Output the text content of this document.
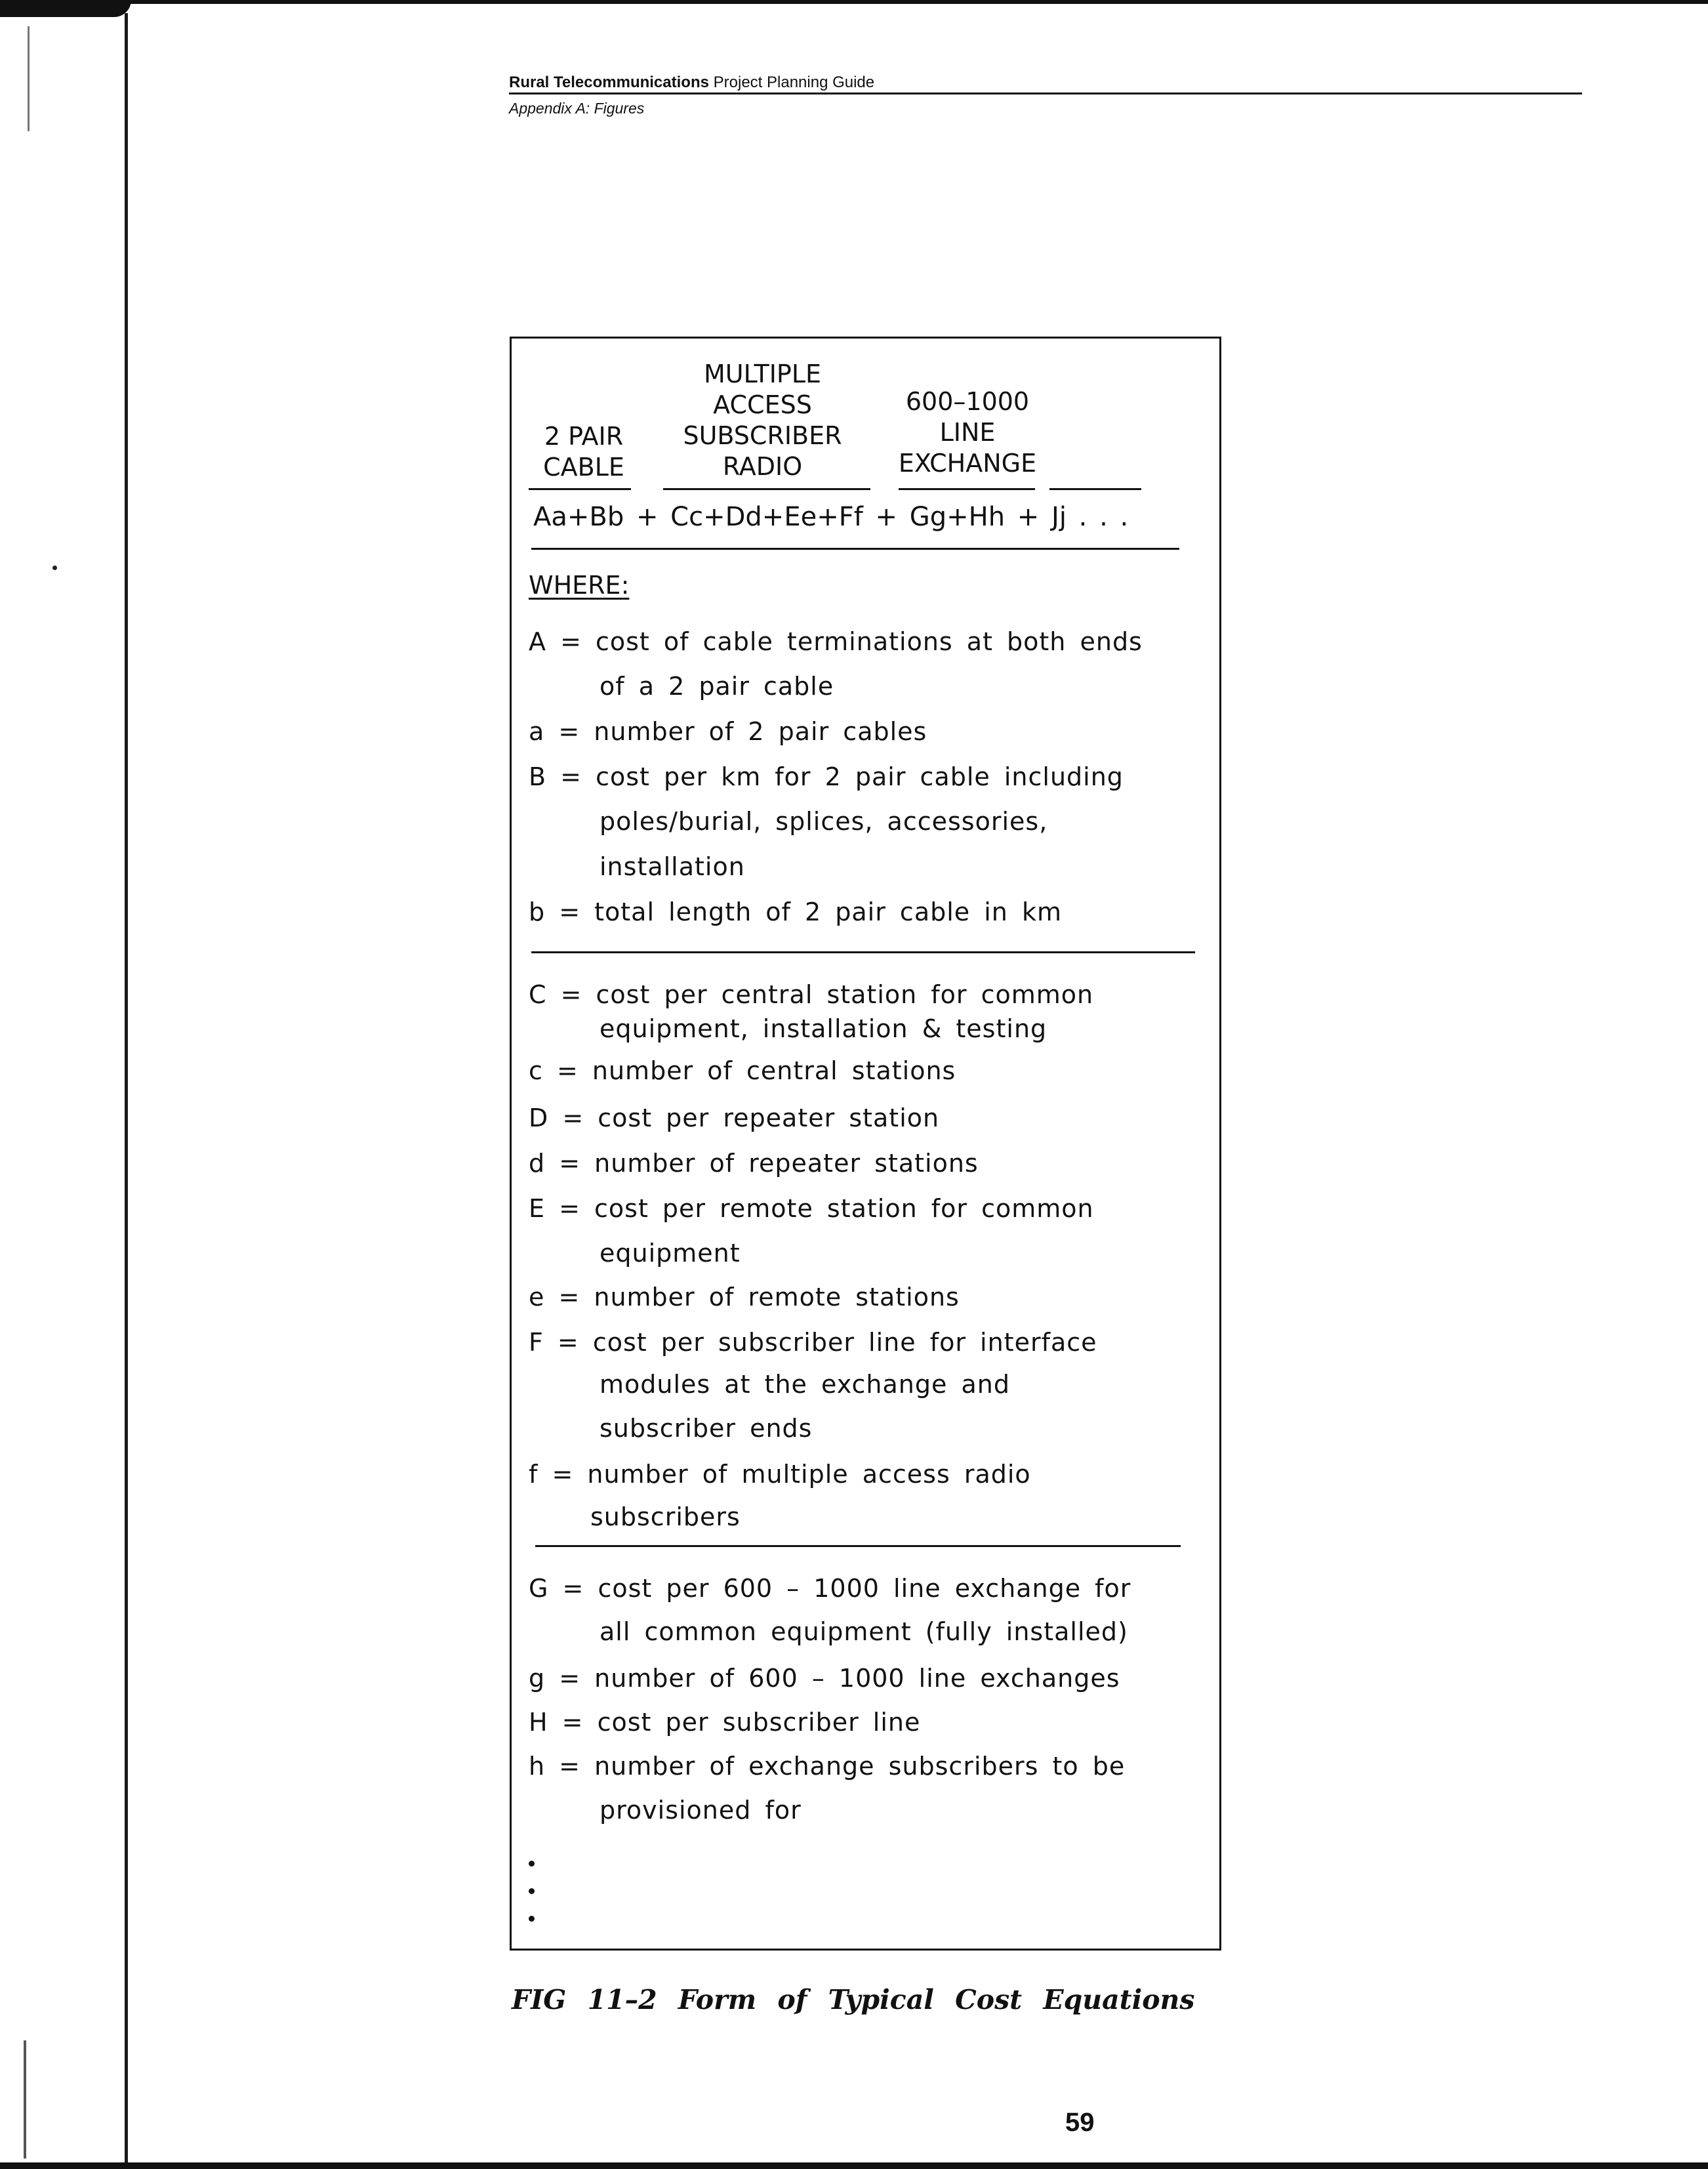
Rural Telecommunications Project Planning Guide
Appendix A: Figures
2 PAIR
CABLE
MULTIPLE
ACCESS
SUBSCRIBER
RADIO
600–1000
LINE
EXCHANGE
Aa+Bb + Cc+Dd+Ee+Ff + Gg+Hh + Jj . . .
WHERE:
A = cost of cable terminations at both ends
of a 2 pair cable
a = number of 2 pair cables
B = cost per km for 2 pair cable including
poles/burial, splices, accessories,
installation
b = total length of 2 pair cable in km
C = cost per central station for common
equipment, installation & testing
c = number of central stations
D = cost per repeater station
d = number of repeater stations
E = cost per remote station for common
equipment
e = number of remote stations
F = cost per subscriber line for interface
modules at the exchange and
subscriber ends
f = number of multiple access radio
subscribers
G = cost per 600 – 1000 line exchange for
all common equipment (fully installed)
g = number of 600 – 1000 line exchanges
H = cost per subscriber line
h = number of exchange subscribers to be
provisioned for
FIG 11–2 Form of Typical Cost Equations
59
